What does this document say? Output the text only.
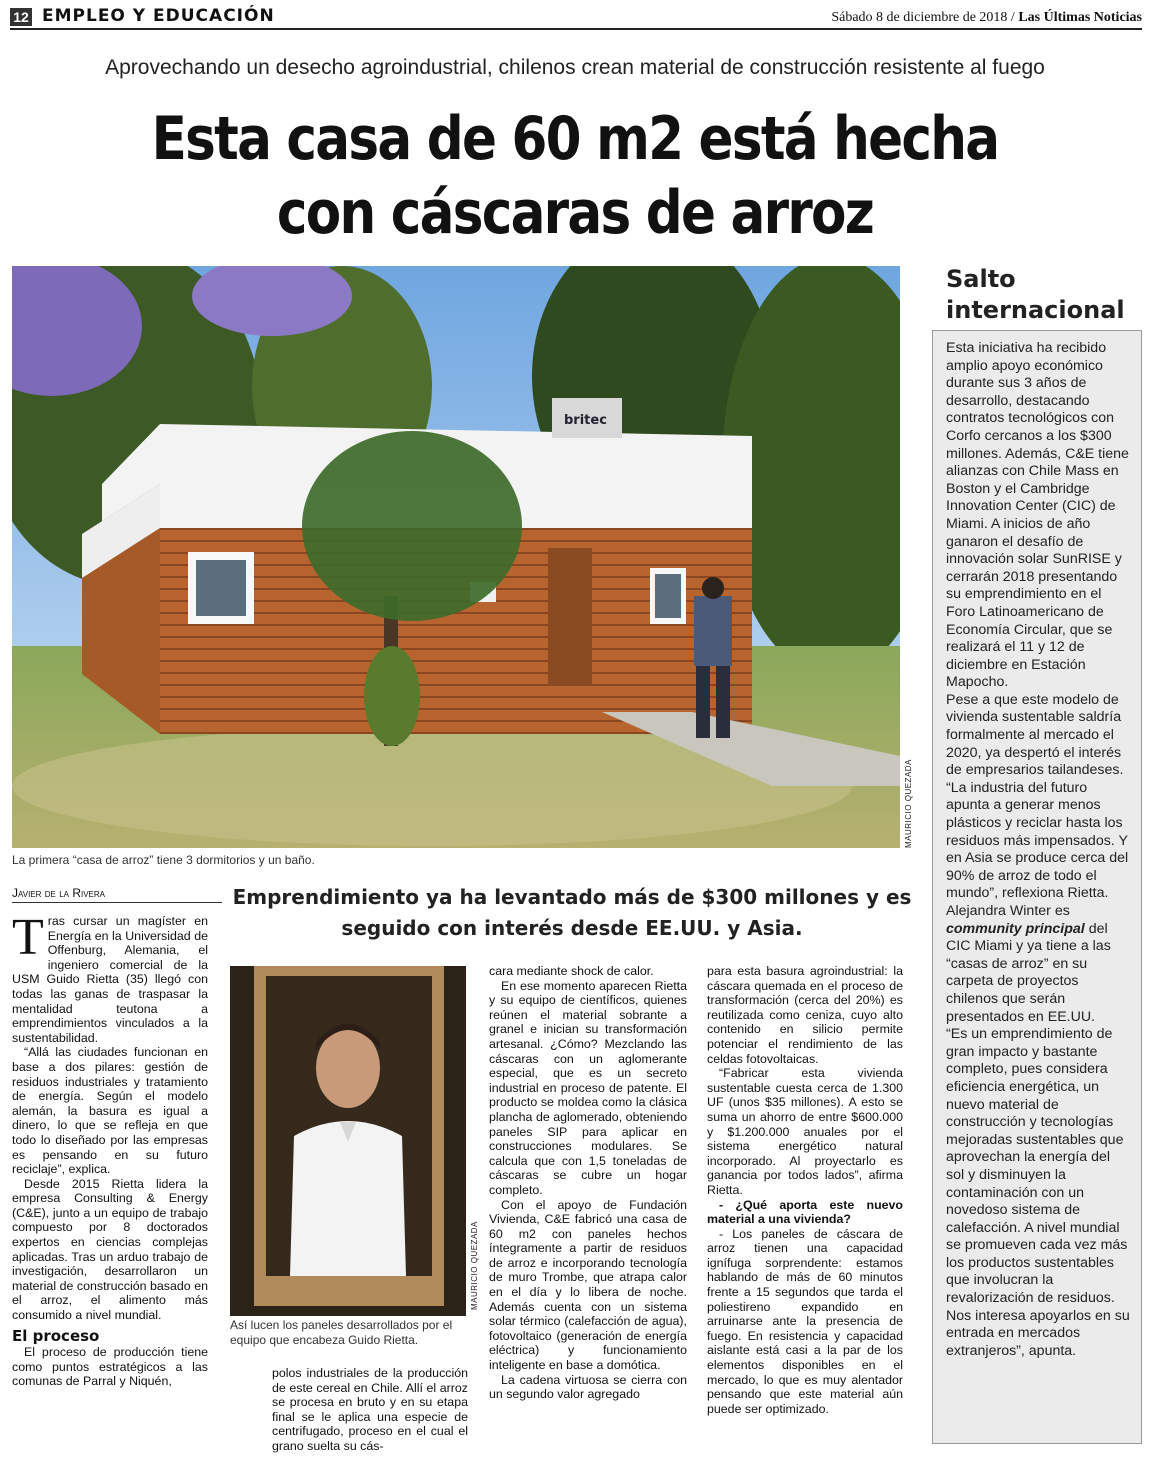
12 EMPLEO Y EDUCACIÓN	Sábado 8 de diciembre de 2018 / Las Últimas Noticias
Aprovechando un desecho agroindustrial, chilenos crean material de construcción resistente al fuego
Esta casa de 60 m2 está hecha
con cáscaras de arroz
britec
MAURICIO QUEZADA
La primera “casa de arroz” tiene 3 dormitorios y un baño.
Salto
internacional

Esta iniciativa ha recibido amplio apoyo económico durante sus 3 años de desarrollo, destacando contratos tecnológicos con Corfo cercanos a los $300 millones. Además, C&E tiene alianzas con Chile Mass en Boston y el Cambridge Innovation Center (CIC) de Miami. A inicios de año ganaron el desafío de innovación solar SunRISE y cerrarán 2018 presentando su emprendimiento en el Foro Latinoamericano de Economía Circular, que se realizará el 11 y 12 de diciembre en Estación Mapocho.

Pese a que este modelo de vivienda sustentable saldría formalmente al mercado el 2020, ya despertó el interés de empresarios tailandeses. “La industria del futuro apunta a generar menos plásticos y reciclar hasta los residuos más impensados. Y en Asia se produce cerca del 90% de arroz de todo el mundo”, reflexiona Rietta.

Alejandra Winter es community principal del CIC Miami y ya tiene a las “casas de arroz” en su carpeta de proyectos chilenos que serán presentados en EE.UU.

“Es un emprendimiento de gran impacto y bastante completo, pues considera eficiencia energética, un nuevo material de construcción y tecnologías mejoradas sustentables que aprovechan la energía del sol y disminuyen la contaminación con un novedoso sistema de calefacción. A nivel mundial se promueven cada vez más los productos sustentables que involucran la revalorización de residuos. Nos interesa apoyarlos en su entrada en mercados extranjeros”, apunta.

Javier de la Rivera	Emprendimiento ya ha levantado más de $300 millones y es seguido con interés desde EE.UU. y Asia.

Tras cursar un magíster en Energía en la Universidad de Offenburg, Alemania, el ingeniero comercial de la USM Guido Rietta (35) llegó con todas las ganas de traspasar la mentalidad teutona a emprendimientos vinculados a la sustentabilidad.

“Allá las ciudades funcionan en base a dos pilares: gestión de residuos industriales y tratamiento de energía. Según el modelo alemán, la basura es igual a dinero, lo que se refleja en que todo lo diseñado por las empresas es pensando en su futuro reciclaje”, explica.

Desde 2015 Rietta lidera la empresa Consulting & Energy (C&E), junto a un equipo de trabajo compuesto por 8 doctorados expertos en ciencias complejas aplicadas. Tras un arduo trabajo de investigación, desarrollaron un material de construcción basado en el arroz, el alimento más consumido a nivel mundial.

El proceso

El proceso de producción tiene como puntos estratégicos a las comunas de Parral y Niquén,

MAURICIO QUEZADA
Así lucen los paneles desarrollados por el equipo que encabeza Guido Rietta.

polos industriales de la producción de este cereal en Chile. Allí el arroz se procesa en bruto y en su etapa final se le aplica una especie de centrifugado, proceso en el cual el grano suelta su cás-

cara mediante shock de calor.

En ese momento aparecen Rietta y su equipo de científicos, quienes reúnen el material sobrante a granel e inician su transformación artesanal. ¿Cómo? Mezclando las cáscaras con un aglomerante especial, que es un secreto industrial en proceso de patente. El producto se moldea como la clásica plancha de aglomerado, obteniendo paneles SIP para aplicar en construcciones modulares. Se calcula que con 1,5 toneladas de cáscaras se cubre un hogar completo.

Con el apoyo de Fundación Vivienda, C&E fabricó una casa de 60 m2 con paneles hechos íntegramente a partir de residuos de arroz e incorporando tecnología de muro Trombe, que atrapa calor en el día y lo libera de noche. Además cuenta con un sistema solar térmico (calefacción de agua), fotovoltaico (generación de energía eléctrica) y funcionamiento inteligente en base a domótica.

La cadena virtuosa se cierra con un segundo valor agregado

para esta basura agroindustrial: la cáscara quemada en el proceso de transformación (cerca del 20%) es reutilizada como ceniza, cuyo alto contenido en silicio permite potenciar el rendimiento de las celdas fotovoltaicas.

“Fabricar esta vivienda sustentable cuesta cerca de 1.300 UF (unos $35 millones). A esto se suma un ahorro de entre $600.000 y $1.200.000 anuales por el sistema energético natural incorporado. Al proyectarlo es ganancia por todos lados”, afirma Rietta.

- ¿Qué aporta este nuevo material a una vivienda?

- Los paneles de cáscara de arroz tienen una capacidad ignífuga sorprendente: estamos hablando de más de 60 minutos frente a 15 segundos que tarda el poliestireno expandido en arruinarse ante la presencia de fuego. En resistencia y capacidad aislante está casi a la par de los elementos disponibles en el mercado, lo que es muy alentador pensando que este material aún puede ser optimizado.
